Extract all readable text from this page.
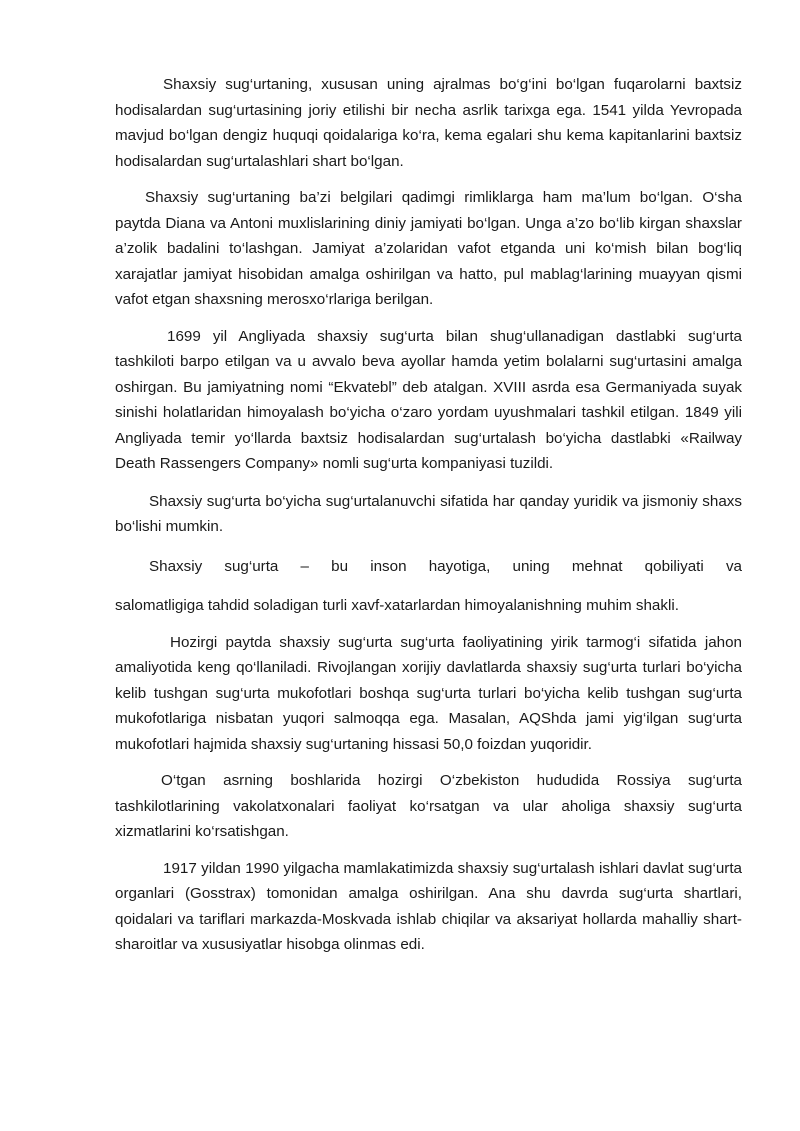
Shaxsiy sug‘urtaning, xususan uning ajralmas bo‘g‘ini bo‘lgan fuqarolarni baxtsiz hodisalardan sug‘urtasining joriy etilishi bir necha asrlik tarixga ega. 1541 yilda Yevropada mavjud bo‘lgan dengiz huquqi qoidalariga ko‘ra, kema egalari shu kema kapitanlarini baxtsiz hodisalardan sug‘urtalashlari shart bo‘lgan.

Shaxsiy sug‘urtaning ba’zi belgilari qadimgi rimliklarga ham ma’lum bo‘lgan. O‘sha paytda Diana va Antoni muxlislarining diniy jamiyati bo‘lgan. Unga a’zo bo‘lib kirgan shaxslar a’zolik badalini to‘lashgan. Jamiyat a’zolaridan vafot etganda uni ko‘mish bilan bog‘liq xarajatlar jamiyat hisobidan amalga oshirilgan va hatto, pul mablag‘larining muayyan qismi vafot etgan shaxsning merosxo‘rlariga berilgan.

1699 yil Angliyada shaxsiy sug‘urta bilan shug‘ullanadigan dastlabki sug‘urta tashkiloti barpo etilgan va u avvalo beva ayollar hamda yetim bolalarni sug‘urtasini amalga oshirgan. Bu jamiyatning nomi “Ekvatebl” deb atalgan. XVIII asrda esa Germaniyada suyak sinishi holatlaridan himoyalash bo‘yicha o‘zaro yordam uyushmalari tashkil etilgan. 1849 yili Angliyada temir yo‘llarda baxtsiz hodisalardan sug‘urtalash bo‘yicha dastlabki «Railway Death Rassengers Company» nomli sug‘urta kompaniyasi tuzildi.

Shaxsiy sug‘urta bo‘yicha sug‘urtalanuvchi sifatida har qanday yuridik va jismoniy shaxs bo‘lishi mumkin.

Shaxsiy sug‘urta – bu inson hayotiga, uning mehnat qobiliyati va

salomatligiga tahdid soladigan turli xavf-xatarlardan himoyalanishning muhim shakli.

Hozirgi paytda shaxsiy sug‘urta sug‘urta faoliyatining yirik tarmog‘i sifatida jahon amaliyotida keng qo‘llaniladi. Rivojlangan xorijiy davlatlarda shaxsiy sug‘urta turlari bo‘yicha kelib tushgan sug‘urta mukofotlari boshqa sug‘urta turlari bo‘yicha kelib tushgan sug‘urta mukofotlariga nisbatan yuqori salmoqqa ega. Masalan, AQShda jami yig‘ilgan sug‘urta mukofotlari hajmida shaxsiy sug‘urtaning hissasi 50,0 foizdan yuqoridir.

O‘tgan asrning boshlarida hozirgi O‘zbekiston hududida Rossiya sug‘urta tashkilotlarining vakolatxonalari faoliyat ko‘rsatgan va ular aholiga shaxsiy sug‘urta xizmatlarini ko‘rsatishgan.

1917 yildan 1990 yilgacha mamlakatimizda shaxsiy sug‘urtalash ishlari davlat sug‘urta organlari (Gosstrax) tomonidan amalga oshirilgan. Ana shu davrda sug‘urta shartlari, qoidalari va tariflari markazda-Moskvada ishlab chiqilar va aksariyat hollarda mahalliy shart-sharoitlar va xususiyatlar hisobga olinmas edi.
